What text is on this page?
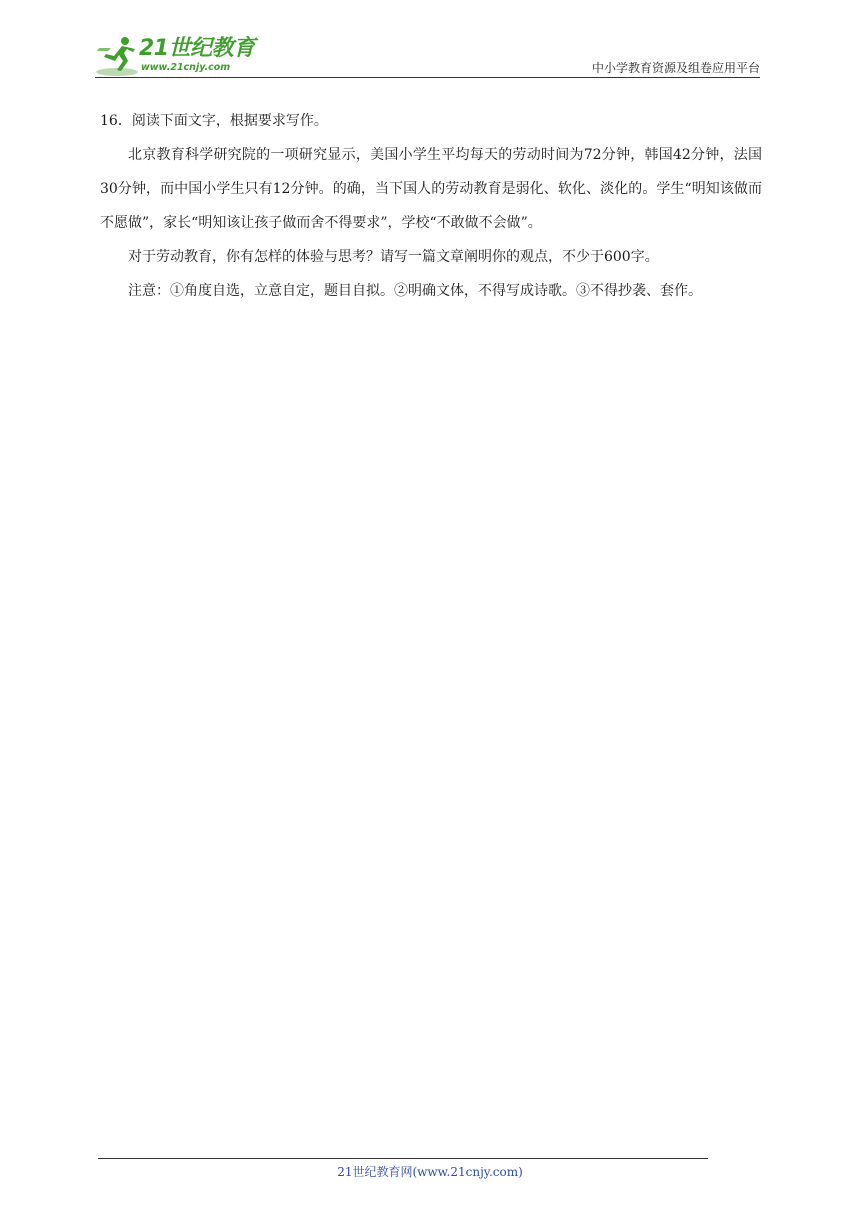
21世纪教育
www.21cnjy.com	中小学教育资源及组卷应用平台

16．阅读下面文字，根据要求写作。

北京教育科学研究院的一项研究显示，美国小学生平均每天的劳动时间为72分钟，韩国42分钟，法国30分钟，而中国小学生只有12分钟。的确，当下国人的劳动教育是弱化、软化、淡化的。学生“明知该做而不愿做”，家长“明知该让孩子做而舍不得要求”，学校“不敢做不会做”。

对于劳动教育，你有怎样的体验与思考？请写一篇文章阐明你的观点，不少于600字。

注意：①角度自选，立意自定，题目自拟。②明确文体，不得写成诗歌。③不得抄袭、套作。

21世纪教育网(www.21cnjy.com)
